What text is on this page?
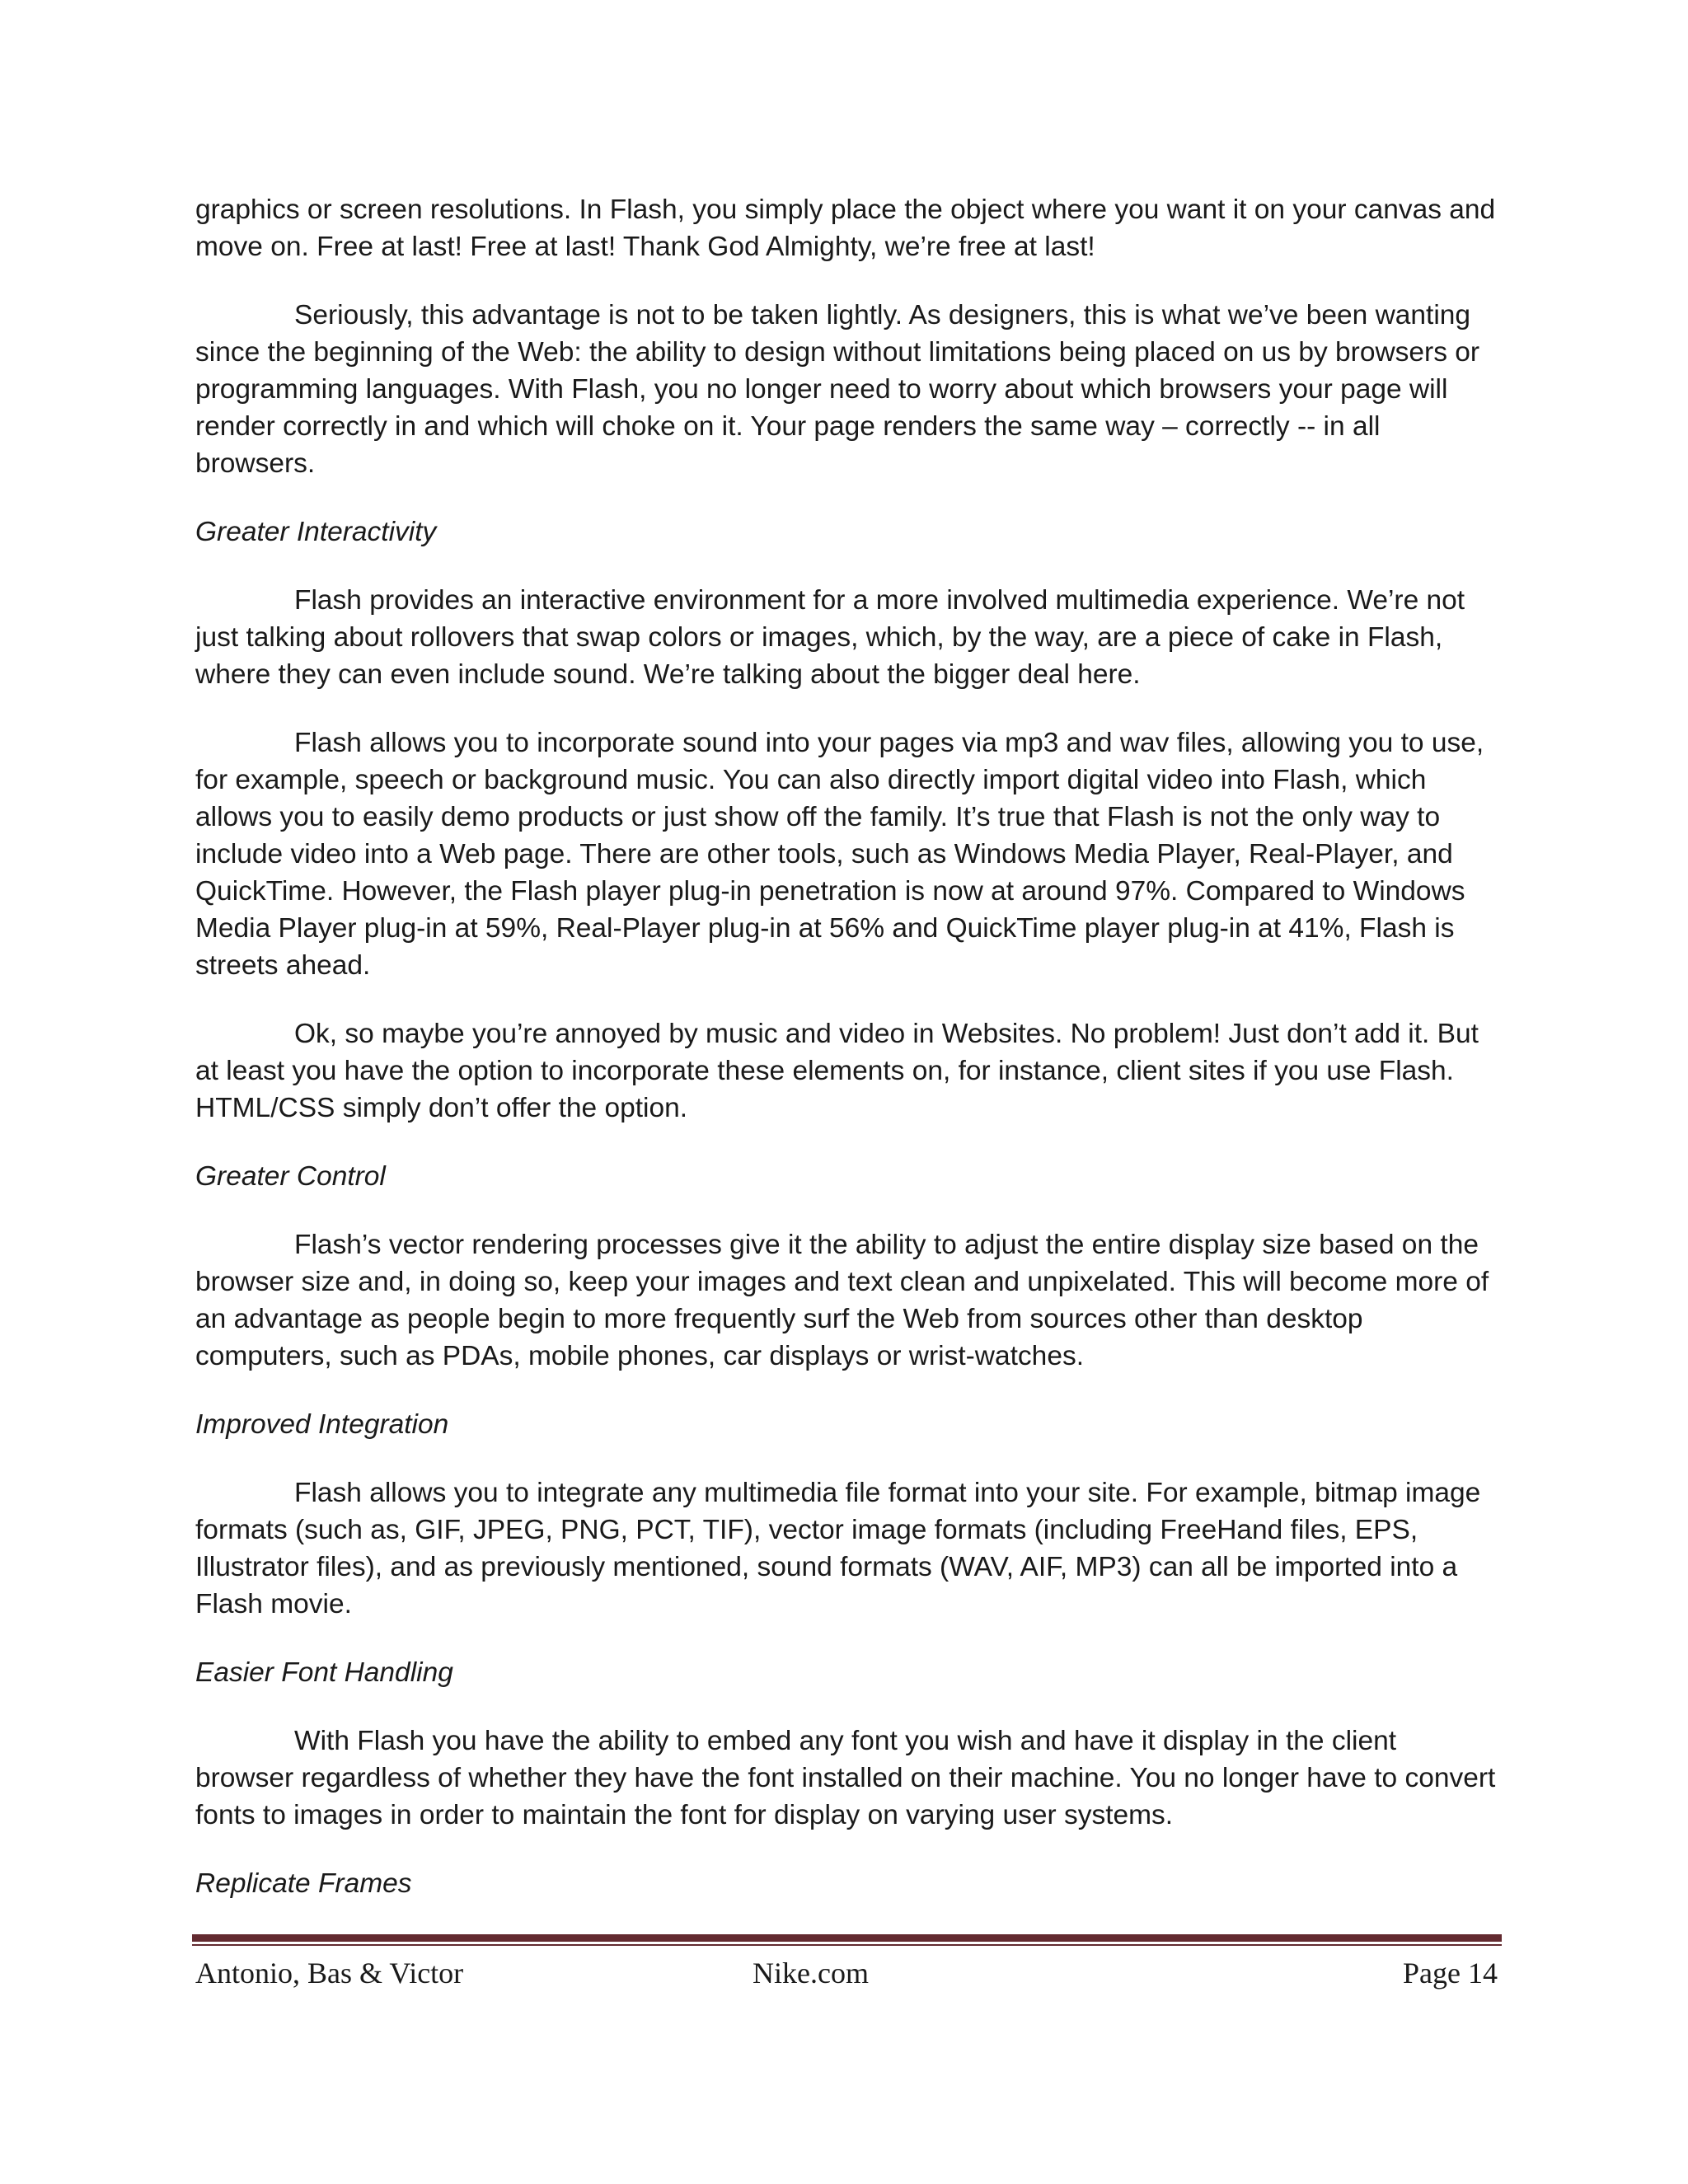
graphics or screen resolutions. In Flash, you simply place the object where you want it on your canvas and move on. Free at last! Free at last! Thank God Almighty, we’re free at last!

Seriously, this advantage is not to be taken lightly. As designers, this is what we’ve been wanting since the beginning of the Web: the ability to design without limitations being placed on us by browsers or programming languages. With Flash, you no longer need to worry about which browsers your page will render correctly in and which will choke on it. Your page renders the same way – correctly -- in all browsers.

Greater Interactivity

Flash provides an interactive environment for a more involved multimedia experience. We’re not just talking about rollovers that swap colors or images, which, by the way, are a piece of cake in Flash, where they can even include sound. We’re talking about the bigger deal here.

Flash allows you to incorporate sound into your pages via mp3 and wav files, allowing you to use, for example, speech or background music. You can also directly import digital video into Flash, which allows you to easily demo products or just show off the family. It’s true that Flash is not the only way to include video into a Web page. There are other tools, such as Windows Media Player, Real-Player, and QuickTime. However, the Flash player plug-in penetration is now at around 97%. Compared to Windows Media Player plug-in at 59%, Real-Player plug-in at 56% and QuickTime player plug-in at 41%, Flash is streets ahead.

Ok, so maybe you’re annoyed by music and video in Websites. No problem! Just don’t add it. But at least you have the option to incorporate these elements on, for instance, client sites if you use Flash. HTML/CSS simply don’t offer the option.

Greater Control

Flash’s vector rendering processes give it the ability to adjust the entire display size based on the browser size and, in doing so, keep your images and text clean and unpixelated. This will become more of an advantage as people begin to more frequently surf the Web from sources other than desktop computers, such as PDAs, mobile phones, car displays or wrist-watches.

Improved Integration

Flash allows you to integrate any multimedia file format into your site. For example, bitmap image formats (such as, GIF, JPEG, PNG, PCT, TIF), vector image formats (including FreeHand files, EPS, Illustrator files), and as previously mentioned, sound formats (WAV, AIF, MP3) can all be imported into a Flash movie.

Easier Font Handling

With Flash you have the ability to embed any font you wish and have it display in the client browser regardless of whether they have the font installed on their machine. You no longer have to convert fonts to images in order to maintain the font for display on varying user systems.

Replicate Frames

Antonio, Bas & Victor	Nike.com	Page 14
